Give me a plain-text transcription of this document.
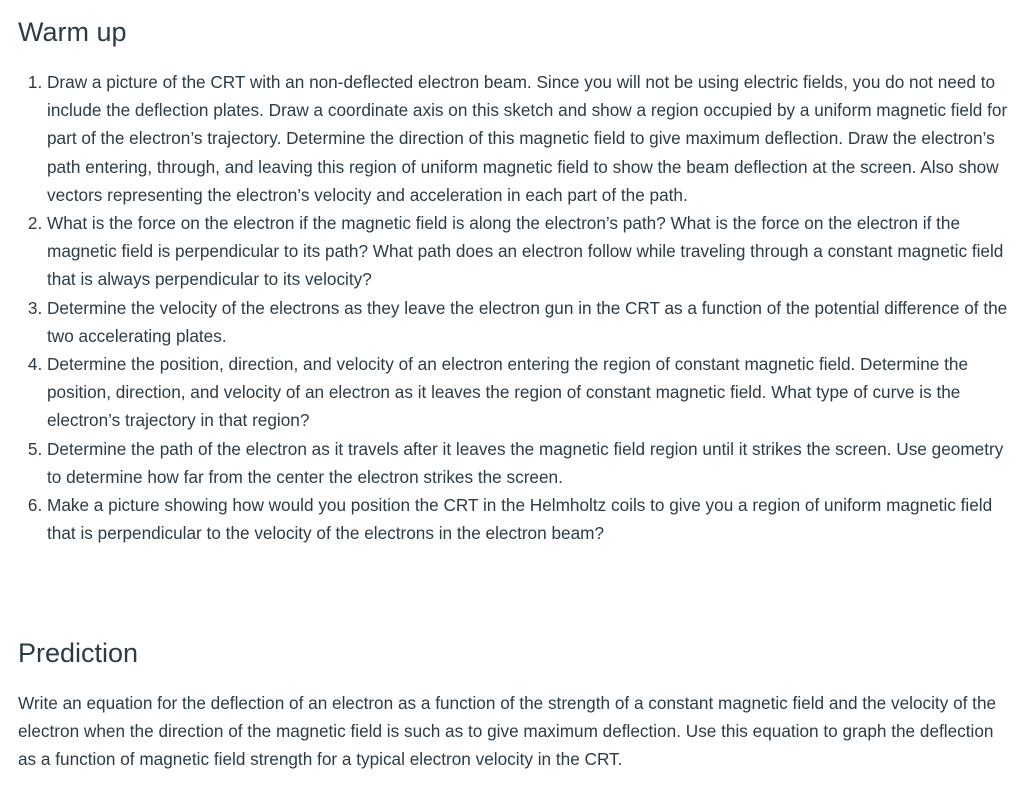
Warm up
1. Draw a picture of the CRT with an non-deflected electron beam. Since you will not be using electric fields, you do not need to include the deflection plates. Draw a coordinate axis on this sketch and show a region occupied by a uniform magnetic field for part of the electron’s trajectory. Determine the direction of this magnetic field to give maximum deflection. Draw the electron’s path entering, through, and leaving this region of uniform magnetic field to show the beam deflection at the screen. Also show vectors representing the electron’s velocity and acceleration in each part of the path.
2. What is the force on the electron if the magnetic field is along the electron’s path? What is the force on the electron if the magnetic field is perpendicular to its path? What path does an electron follow while traveling through a constant magnetic field that is always perpendicular to its velocity?
3. Determine the velocity of the electrons as they leave the electron gun in the CRT as a function of the potential difference of the two accelerating plates.
4. Determine the position, direction, and velocity of an electron entering the region of constant magnetic field. Determine the position, direction, and velocity of an electron as it leaves the region of constant magnetic field. What type of curve is the electron’s trajectory in that region?
5. Determine the path of the electron as it travels after it leaves the magnetic field region until it strikes the screen. Use geometry to determine how far from the center the electron strikes the screen.
6. Make a picture showing how would you position the CRT in the Helmholtz coils to give you a region of uniform magnetic field that is perpendicular to the velocity of the electrons in the electron beam?
Prediction

Write an equation for the deflection of an electron as a function of the strength of a constant magnetic field and the velocity of the electron when the direction of the magnetic field is such as to give maximum deflection. Use this equation to graph the deflection as a function of magnetic field strength for a typical electron velocity in the CRT.
